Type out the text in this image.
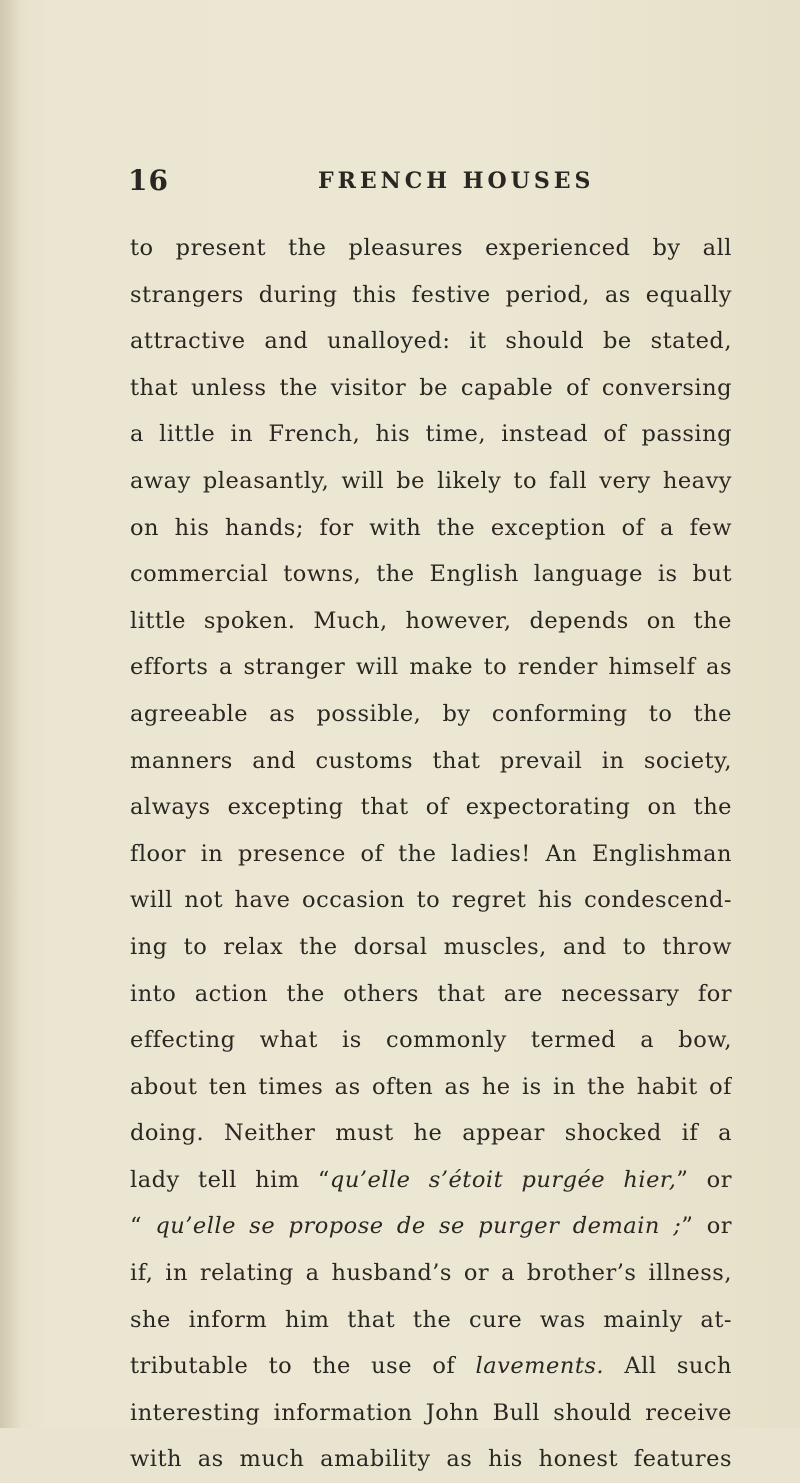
16	FRENCH HOUSES
to present the pleasures experienced by all
strangers during this festive period, as equally
attractive and unalloyed: it should be stated,
that unless the visitor be capable of conversing
a little in French, his time, instead of passing
away pleasantly, will be likely to fall very heavy
on his hands; for with the exception of a few
commercial towns, the English language is but
little spoken. Much, however, depends on the
efforts a stranger will make to render himself as
agreeable as possible, by conforming to the
manners and customs that prevail in society,
always excepting that of expectorating on the
floor in presence of the ladies! An Englishman
will not have occasion to regret his condescend-
ing to relax the dorsal muscles, and to throw
into action the others that are necessary for
effecting what is commonly termed a bow,
about ten times as often as he is in the habit of
doing. Neither must he appear shocked if a
lady tell him “qu’elle s’étoit purgée hier,” or
“ qu’elle se propose de se purger demain ;” or
if, in relating a husband’s or a brother’s illness,
she inform him that the cure was mainly at-
tributable to the use of lavements. All such
interesting information John Bull should receive
with as much amability as his honest features
